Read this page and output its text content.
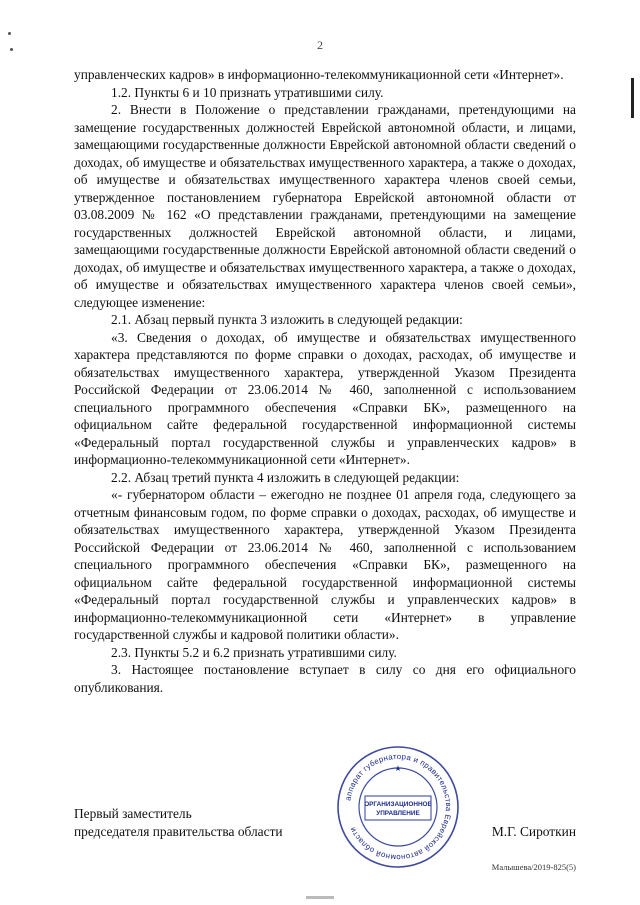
2

управленческих кадров» в информационно-телекоммуникационной сети «Интернет».

1.2. Пункты 6 и 10 признать утратившими силу.

2. Внести в Положение о представлении гражданами, претендующими на замещение государственных должностей Еврейской автономной области, и лицами, замещающими государственные должности Еврейской автономной области сведений о доходах, об имуществе и обязательствах имущественного характера, а также о доходах, об имуществе и обязательствах имущественного характера членов своей семьи, утвержденное постановлением губернатора Еврейской автономной области от 03.08.2009 № 162 «О представлении гражданами, претендующими на замещение государственных должностей Еврейской автономной области, и лицами, замещающими государственные должности Еврейской автономной области сведений о доходах, об имуществе и обязательствах имущественного характера, а также о доходах, об имуществе и обязательствах имущественного характера членов своей семьи», следующее изменение:

2.1. Абзац первый пункта 3 изложить в следующей редакции:

«3. Сведения о доходах, об имуществе и обязательствах имущественного характера представляются по форме справки о доходах, расходах, об имуществе и обязательствах имущественного характера, утвержденной Указом Президента Российской Федерации от 23.06.2014 № 460, заполненной с использованием специального программного обеспечения «Справки БК», размещенного на официальном сайте федеральной государственной информационной системы «Федеральный портал государственной службы и управленческих кадров» в информационно-телекоммуникационной сети «Интернет».

2.2. Абзац третий пункта 4 изложить в следующей редакции:

«- губернатором области – ежегодно не позднее 01 апреля года, следующего за отчетным финансовым годом, по форме справки о доходах, расходах, об имуществе и обязательствах имущественного характера, утвержденной Указом Президента Российской Федерации от 23.06.2014 № 460, заполненной с использованием специального программного обеспечения «Справки БК», размещенного на официальном сайте федеральной государственной информационной системы «Федеральный портал государственной службы и управленческих кадров» в информационно-телекоммуникационной сети «Интернет» в управление государственной службы и кадровой политики области».

2.3. Пункты 5.2 и 6.2 признать утратившими силу.

3. Настоящее постановление вступает в силу со дня его официального опубликования.

Первый заместитель
председателя правительства области	М.Г. Сироткин
аппарат губернатора и правительства Еврейской автономной области
ОРГАНИЗАЦИОННОЕ
УПРАВЛЕНИЕ
★
Малышева/2019-825(5)
